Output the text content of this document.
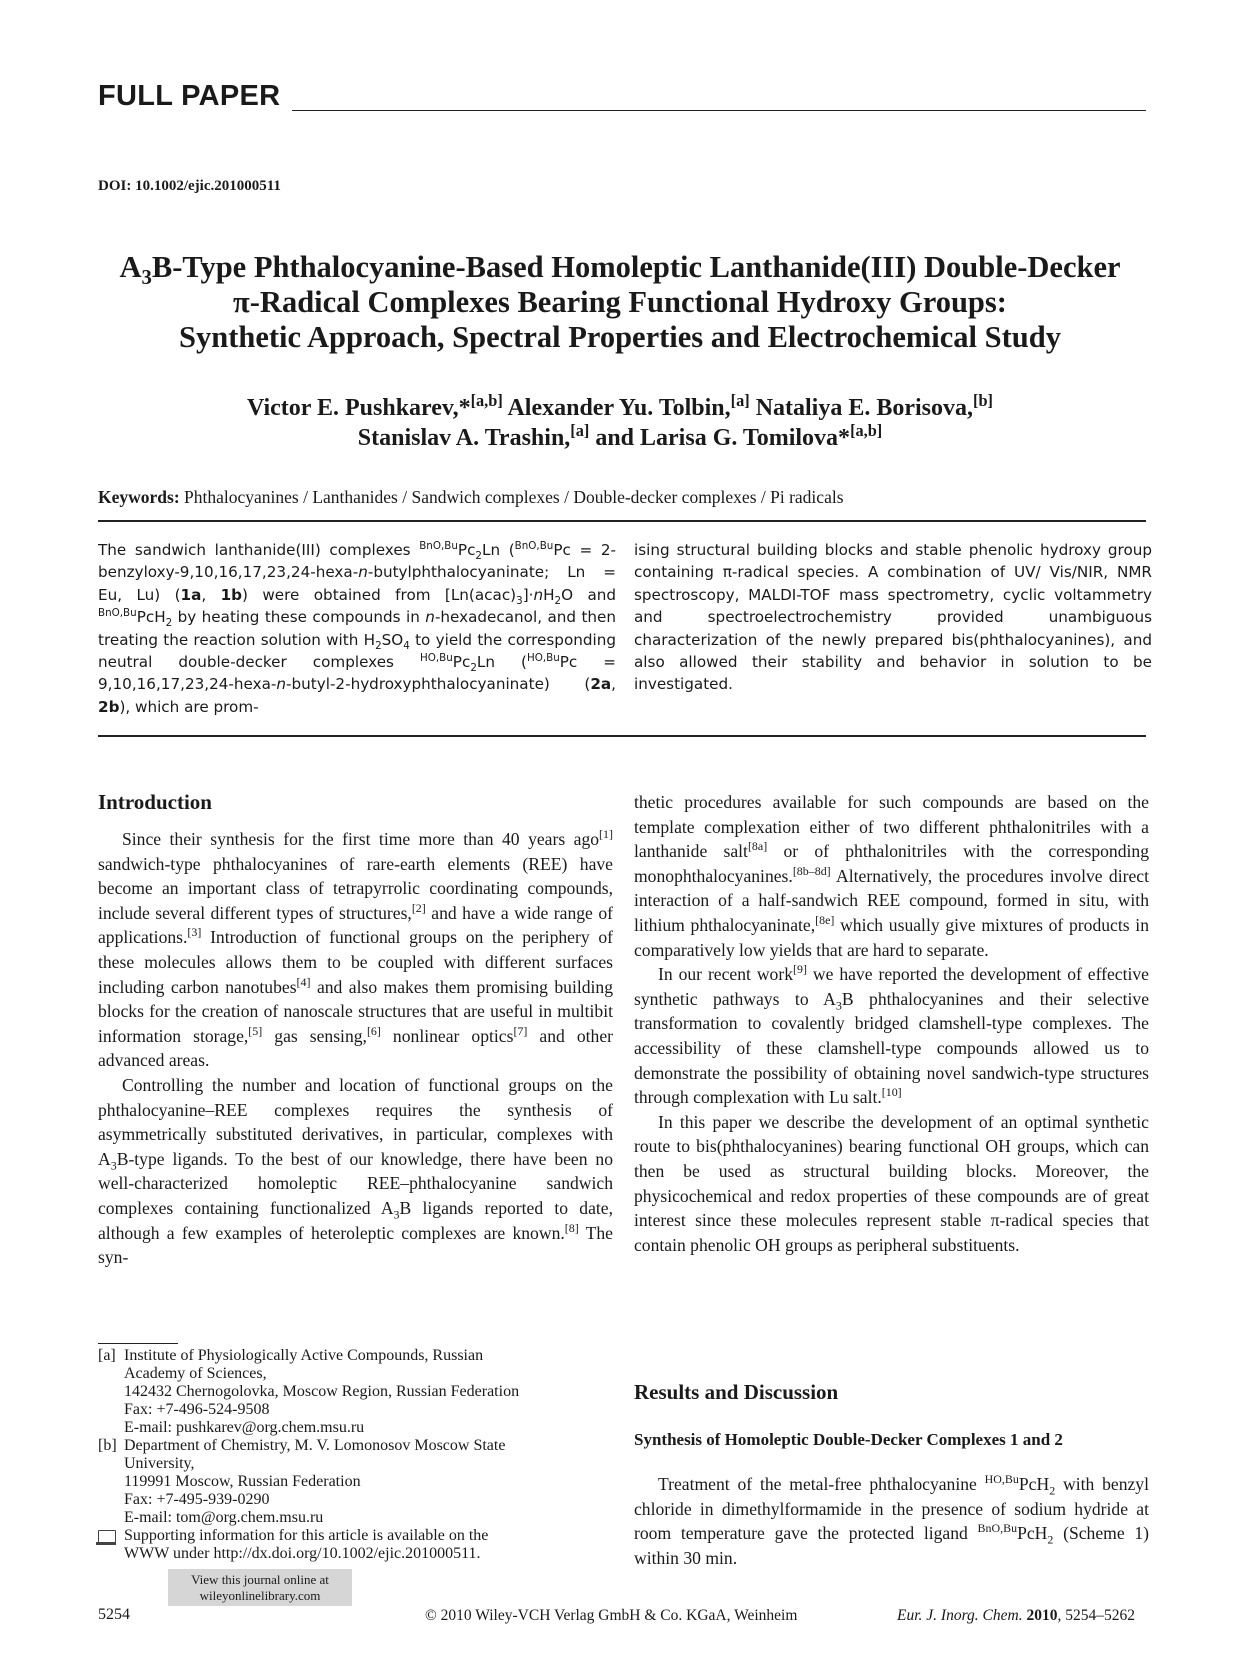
FULL PAPER
DOI: 10.1002/ejic.201000511
$A_3B$-Type Phthalocyanine-Based Homoleptic Lanthanide(III) Double-Decker
π-Radical Complexes Bearing Functional Hydroxy Groups:
Synthetic Approach, Spectral Properties and Electrochemical Study
Victor E. Pushkarev,*[a,b] Alexander Yu. Tolbin,[a] Nataliya E. Borisova,[b]
Stanislav A. Trashin,[a] and Larisa G. Tomilova*[a,b]
Keywords: Phthalocyanines / Lanthanides / Sandwich complexes / Double-decker complexes / Pi radicals
The sandwich lanthanide(III) complexes $^{BnO,Bu}Pc_2Ln$ ($^{BnO,Bu}$Pc = 2-benzyloxy-9,10,16,17,23,24-hexa-n-butylphthalocyaninate; Ln = Eu, Lu) (1a, 1b) were obtained from $[Ln(acac)_3]\cdot nH_2O$ and $^{BnO,Bu}$PcH$_2$ by heating these compounds in n-hexadecanol, and then treating the reaction solution with $H_2SO_4$ to yield the corresponding neutral double-decker complexes $^{HO,Bu}Pc_2Ln$ ($^{HO,Bu}$Pc = 9,10,16,17,23,24-hexa-n-butyl-2-hydroxyphthalocyaninate) (2a, 2b), which are prom-
ising structural building blocks and stable phenolic hydroxy group containing π-radical species. A combination of UV/ Vis/NIR, NMR spectroscopy, MALDI-TOF mass spectrometry, cyclic voltammetry and spectroelectrochemistry provided unambiguous characterization of the newly prepared bis(phthalocyanines), and also allowed their stability and behavior in solution to be investigated.
Introduction

Since their synthesis for the first time more than 40 years ago[1] sandwich-type phthalocyanines of rare-earth elements (REE) have become an important class of tetrapyrrolic coordinating compounds, include several different types of structures,[2] and have a wide range of applications.[3] Introduction of functional groups on the periphery of these molecules allows them to be coupled with different surfaces including carbon nanotubes[4] and also makes them promising building blocks for the creation of nanoscale structures that are useful in multibit information storage,[5] gas sensing,[6] nonlinear optics[7] and other advanced areas.

Controlling the number and location of functional groups on the phthalocyanine–REE complexes requires the synthesis of asymmetrically substituted derivatives, in particular, complexes with $A_3B$-type ligands. To the best of our knowledge, there have been no well-characterized homoleptic REE–phthalocyanine sandwich complexes containing functionalized $A_3B$ ligands reported to date, although a few examples of heteroleptic complexes are known.[8] The syn-

[a] Institute of Physiologically Active Compounds, Russian
Academy of Sciences,
142432 Chernogolovka, Moscow Region, Russian Federation
Fax: +7-496-524-9508
E-mail: pushkarev@org.chem.msu.ru
[b] Department of Chemistry, M. V. Lomonosov Moscow State
University,
119991 Moscow, Russian Federation
Fax: +7-495-939-0290
E-mail: tom@org.chem.msu.ru
Supporting information for this article is available on the
WWW under http://dx.doi.org/10.1002/ejic.201000511.

thetic procedures available for such compounds are based on the template complexation either of two different phthalonitriles with a lanthanide salt[8a] or of phthalonitriles with the corresponding monophthalocyanines.[8b–8d] Alternatively, the procedures involve direct interaction of a half-sandwich REE compound, formed in situ, with lithium phthalocyaninate,[8e] which usually give mixtures of products in comparatively low yields that are hard to separate.

In our recent work[9] we have reported the development of effective synthetic pathways to $A_3B$ phthalocyanines and their selective transformation to covalently bridged clamshell-type complexes. The accessibility of these clamshell-type compounds allowed us to demonstrate the possibility of obtaining novel sandwich-type structures through complexation with Lu salt.[10]

In this paper we describe the development of an optimal synthetic route to bis(phthalocyanines) bearing functional OH groups, which can then be used as structural building blocks. Moreover, the physicochemical and redox properties of these compounds are of great interest since these molecules represent stable π-radical species that contain phenolic OH groups as peripheral substituents.

Results and Discussion
Synthesis of Homoleptic Double-Decker Complexes 1 and 2

Treatment of the metal-free phthalocyanine $^{HO,Bu}$PcH$_2$ with benzyl chloride in dimethylformamide in the presence of sodium hydride at room temperature gave the protected ligand $^{BnO,Bu}$PcH$_2$ (Scheme 1) within 30 min.

View this journal online at
wileyonlinelibrary.com
5254	© 2010 Wiley-VCH Verlag GmbH & Co. KGaA, Weinheim	Eur. J. Inorg. Chem. 2010, 5254–5262
